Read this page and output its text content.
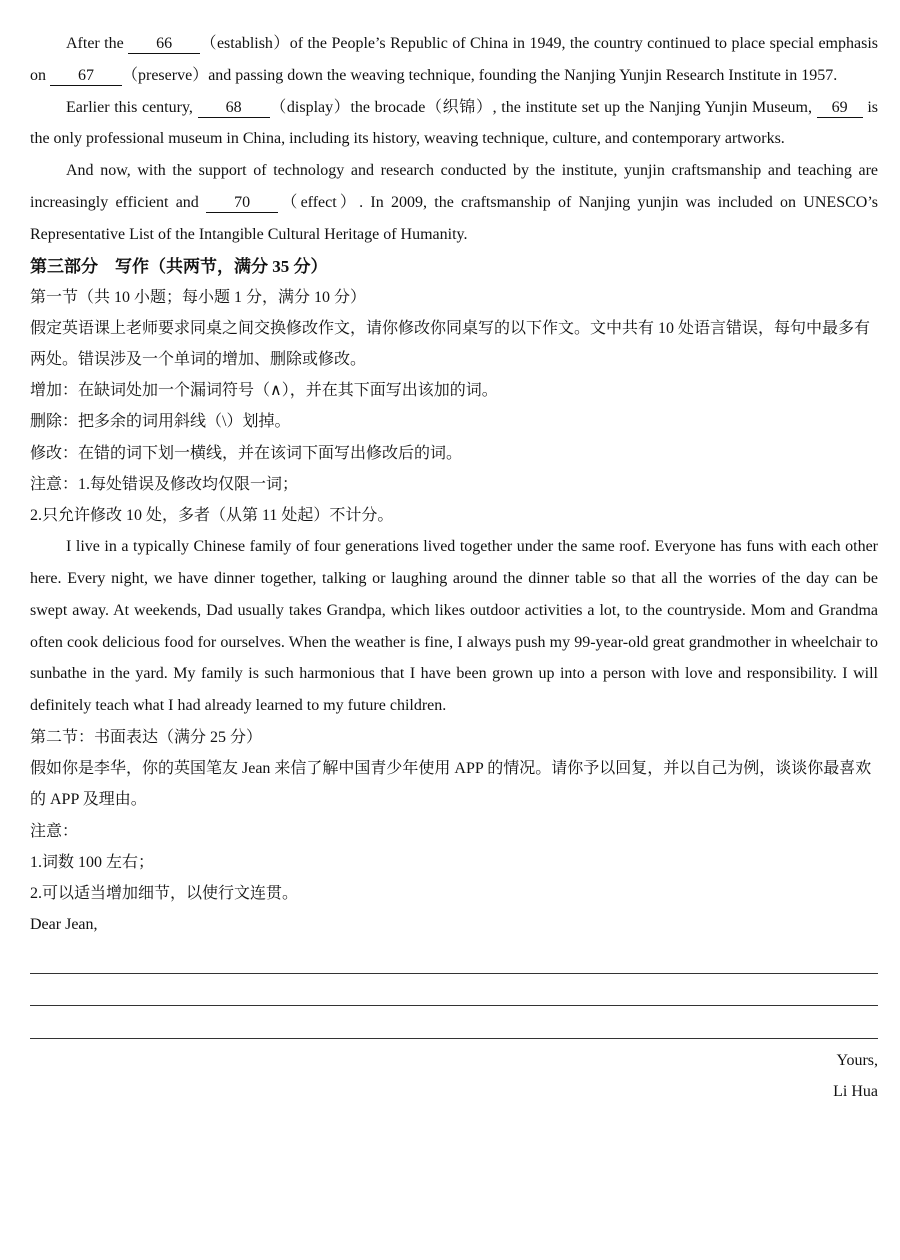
After the 66 （establish）of the People’s Republic of China in 1949, the country continued to place special emphasis on 67 （preserve）and passing down the weaving technique, founding the Nanjing Yunjin Research Institute in 1957.

Earlier this century, 68 （display）the brocade（织锦）, the institute set up the Nanjing Yunjin Museum, 69 is the only professional museum in China, including its history, weaving technique, culture, and contemporary artworks.

And now, with the support of technology and research conducted by the institute, yunjin craftsmanship and teaching are increasingly efficient and 70 （effect）. In 2009, the craftsmanship of Nanjing yunjin was included on UNESCO’s Representative List of the Intangible Cultural Heritage of Humanity.

第三部分　写作（共两节，满分 35 分）

第一节（共 10 小题；每小题 1 分，满分 10 分）

假定英语课上老师要求同桌之间交换修改作文，请你修改你同桌写的以下作文。文中共有 10 处语言错误，每句中最多有两处。错误涉及一个单词的增加、删除或修改。

增加：在缺词处加一个漏词符号（∧），并在其下面写出该加的词。

删除：把多余的词用斜线（\）划掉。

修改：在错的词下划一横线，并在该词下面写出修改后的词。

注意：1.每处错误及修改均仅限一词；

2.只允许修改 10 处，多者（从第 11 处起）不计分。

I live in a typically Chinese family of four generations lived together under the same roof. Everyone has funs with each other here. Every night, we have dinner together, talking or laughing around the dinner table so that all the worries of the day can be swept away. At weekends, Dad usually takes Grandpa, which likes outdoor activities a lot, to the countryside. Mom and Grandma often cook delicious food for ourselves. When the weather is fine, I always push my 99-year-old great grandmother in wheelchair to sunbathe in the yard. My family is such harmonious that I have been grown up into a person with love and responsibility. I will definitely teach what I had already learned to my future children.

第二节：书面表达（满分 25 分）

假如你是李华，你的英国笔友 Jean 来信了解中国青少年使用 APP 的情况。请你予以回复，并以自己为例，谈谈你最喜欢的 APP 及理由。

注意：

1.词数 100 左右；

2.可以适当增加细节，以使行文连贯。

Dear Jean,

Yours,

Li Hua
